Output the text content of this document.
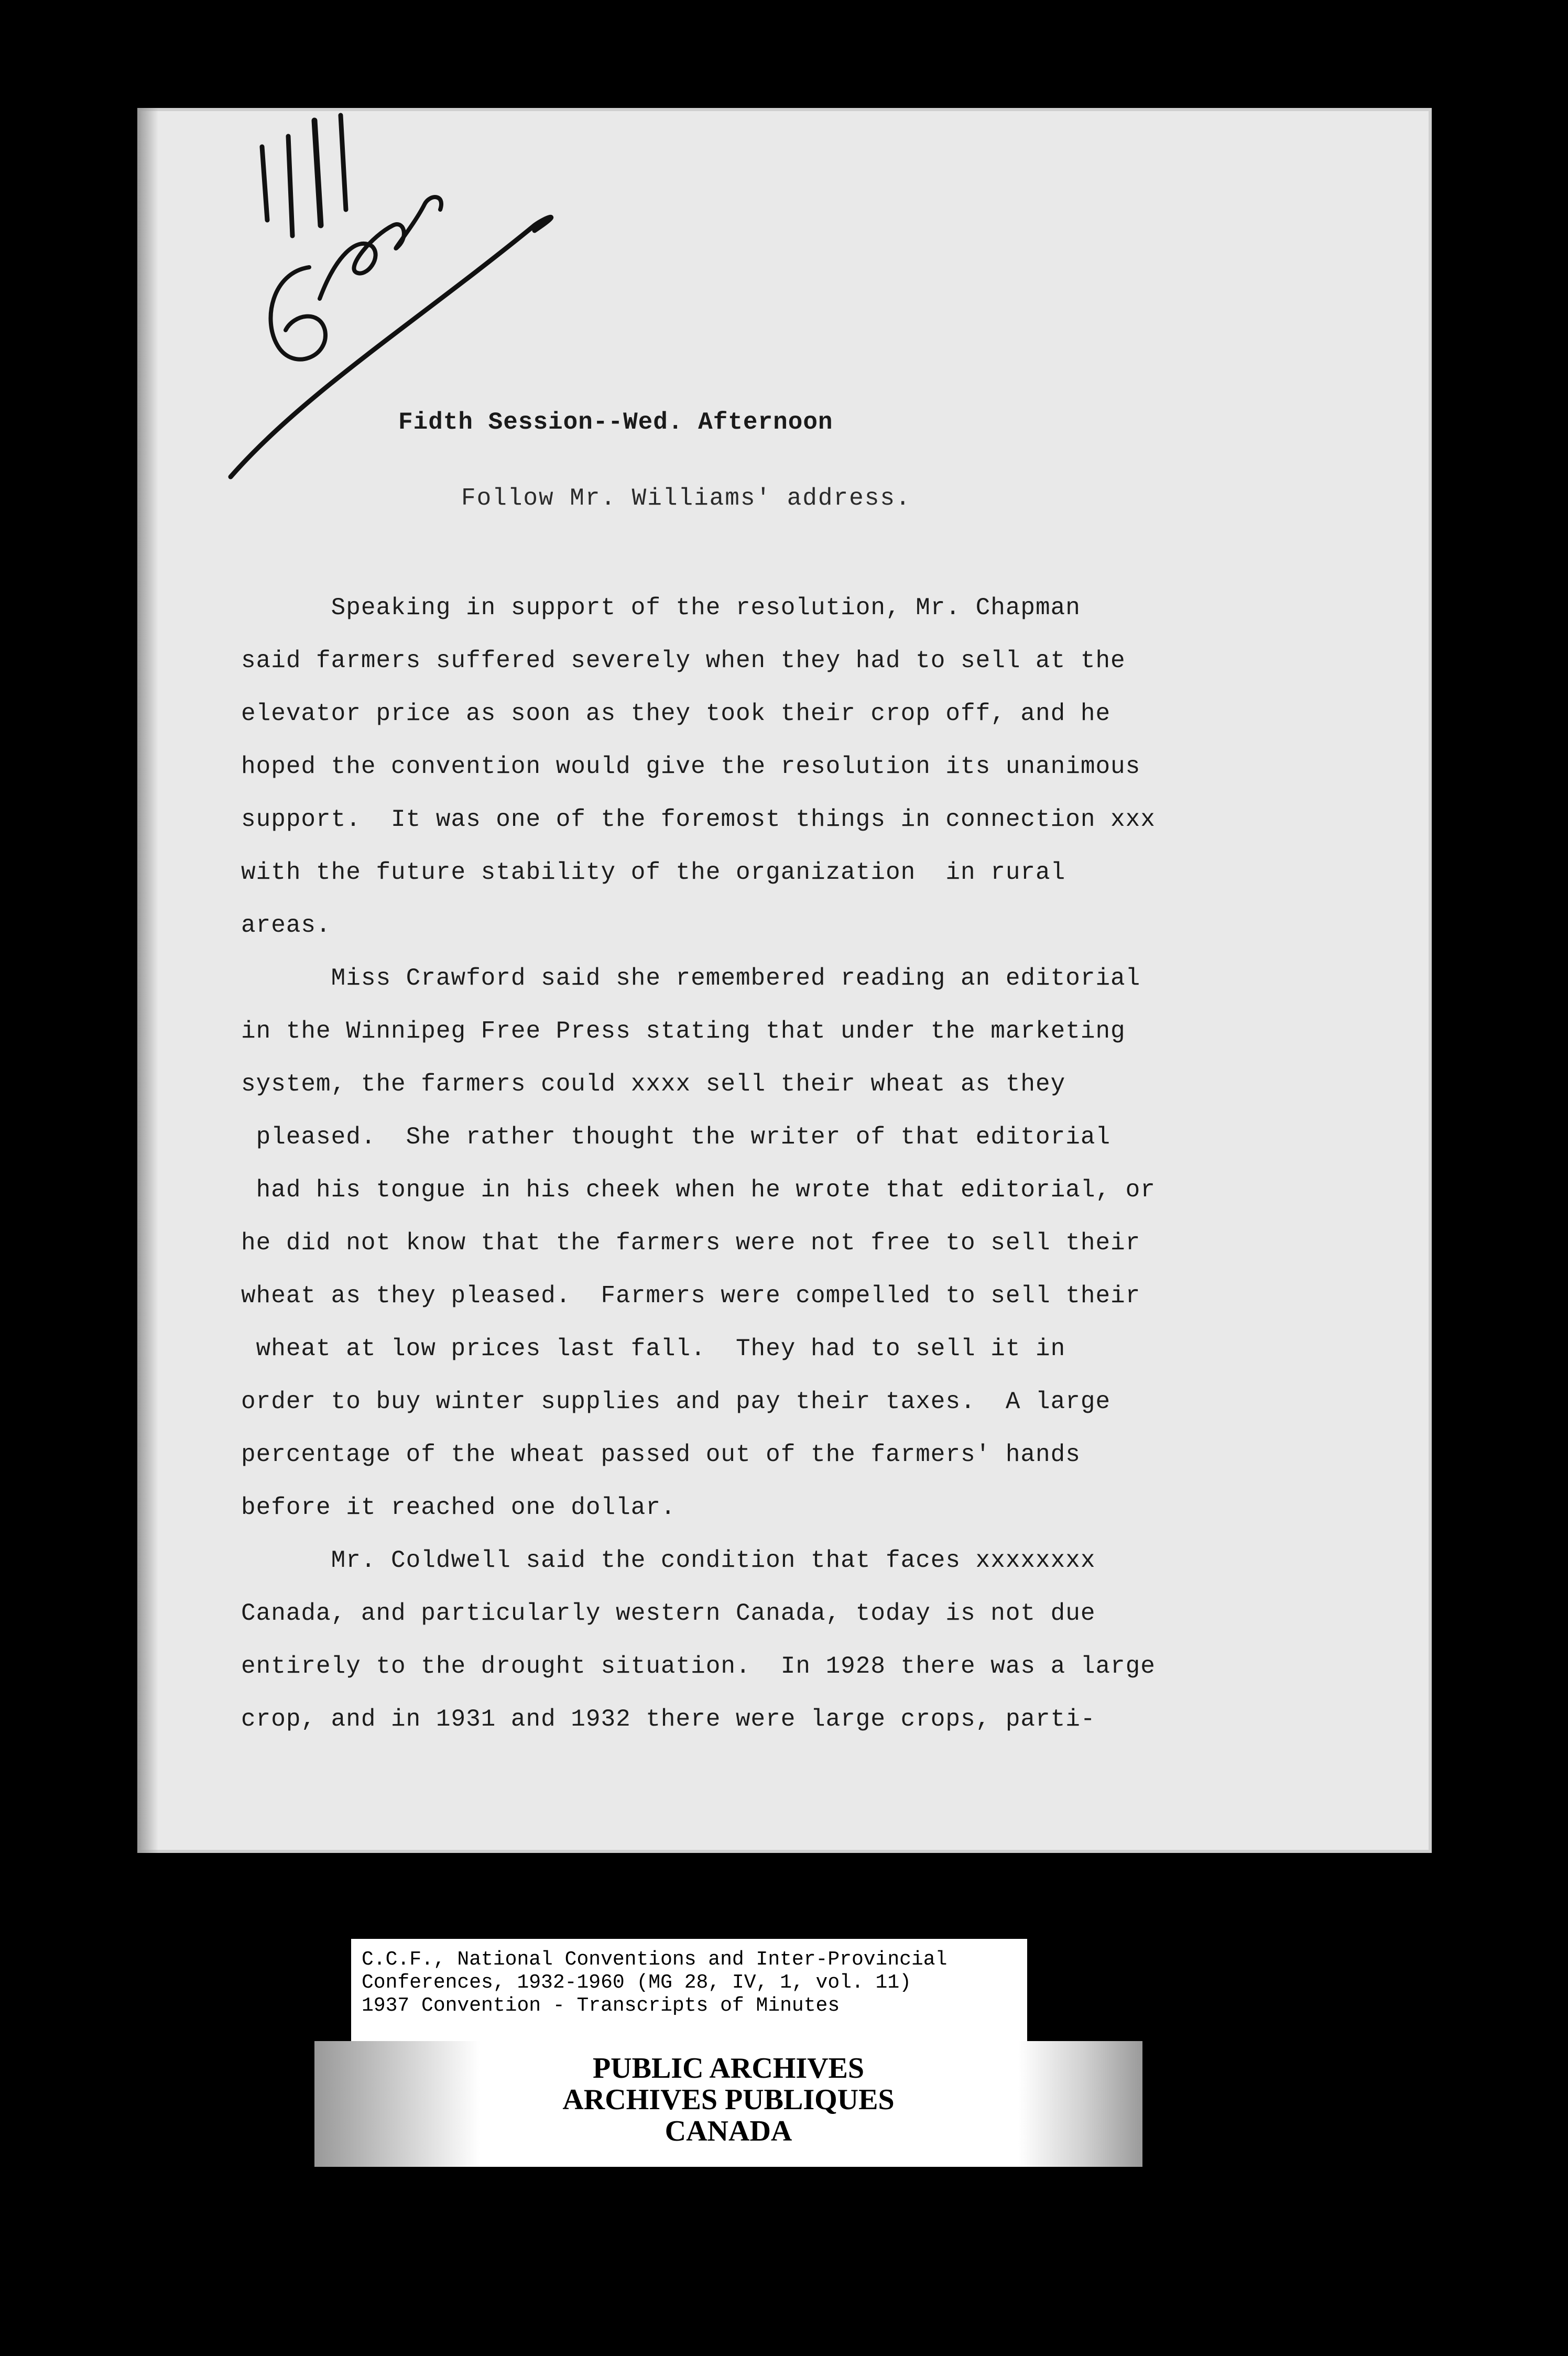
Fidth Session--Wed. Afternoon
Follow Mr. Williams' address.
Speaking in support of the resolution, Mr. Chapman
said farmers suffered severely when they had to sell at the
elevator price as soon as they took their crop off, and he
hoped the convention would give the resolution its unanimous
support.  It was one of the foremost things in connection xxx
with the future stability of the organization  in rural
areas.
Miss Crawford said she remembered reading an editorial
in the Winnipeg Free Press stating that under the marketing
system, the farmers could xxxx sell their wheat as they
pleased.  She rather thought the writer of that editorial
had his tongue in his cheek when he wrote that editorial, or
he did not know that the farmers were not free to sell their
wheat as they pleased.  Farmers were compelled to sell their
wheat at low prices last fall.  They had to sell it in
order to buy winter supplies and pay their taxes.  A large
percentage of the wheat passed out of the farmers' hands
before it reached one dollar.
Mr. Coldwell said the condition that faces xxxxxxxx
Canada, and particularly western Canada, today is not due
entirely to the drought situation.  In 1928 there was a large
crop, and in 1931 and 1932 there were large crops, parti-
C.C.F., National Conventions and Inter-Provincial
Conferences, 1932-1960 (MG 28, IV, 1, vol. 11)
1937 Convention - Transcripts of Minutes
PUBLIC ARCHIVES
ARCHIVES PUBLIQUES
CANADA
